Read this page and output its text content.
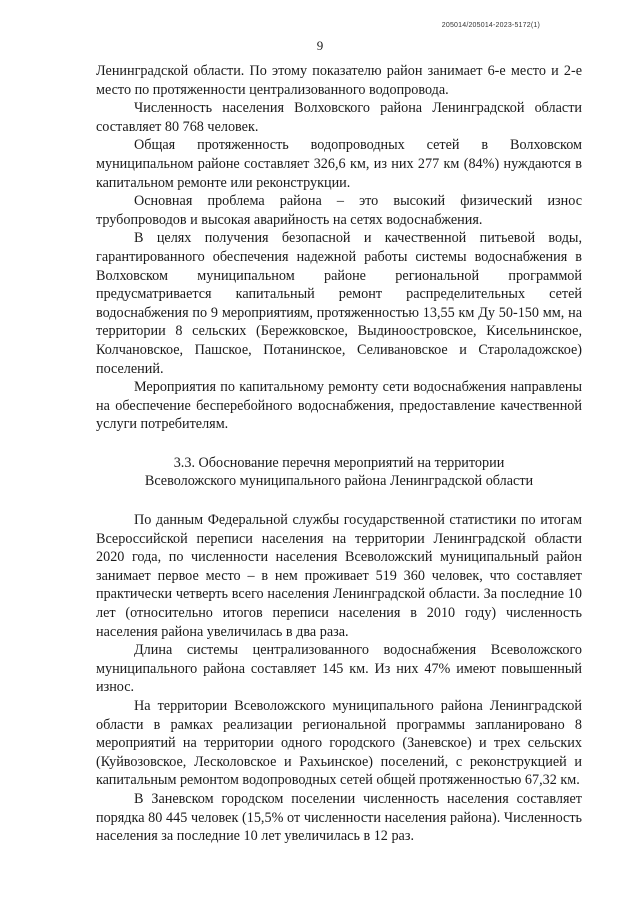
205014/205014-2023-5172(1)
9

Ленинградской области. По этому показателю район занимает 6-е место и 2-е место по протяженности централизованного водопровода.

Численность населения Волховского района Ленинградской области составляет 80 768 человек.

Общая протяженность водопроводных сетей в Волховском муниципальном районе составляет 326,6 км, из них 277 км (84%) нуждаются в капитальном ремонте или реконструкции.

Основная проблема района – это высокий физический износ трубопроводов и высокая аварийность на сетях водоснабжения.

В целях получения безопасной и качественной питьевой воды, гарантированного обеспечения надежной работы системы водоснабжения в Волховском муниципальном районе региональной программой предусматривается капитальный ремонт распределительных сетей водоснабжения по 9 мероприятиям, протяженностью 13,55 км Ду 50-150 мм, на территории 8 сельских (Бережковское, Выдиноостровское, Кисельнинское, Колчановское, Пашское, Потанинское, Селивановское и Староладожское) поселений.

Мероприятия по капитальному ремонту сети водоснабжения направлены на обеспечение бесперебойного водоснабжения, предоставление качественной услуги потребителям.

3.3. Обоснование перечня мероприятий на территории

Всеволожского муниципального района Ленинградской области

По данным Федеральной службы государственной статистики по итогам Всероссийской переписи населения на территории Ленинградской области 2020 года, по численности населения Всеволожский муниципальный район занимает первое место – в нем проживает 519 360 человек, что составляет практически четверть всего населения Ленинградской области. За последние 10 лет (относительно итогов переписи населения в 2010 году) численность населения района увеличилась в два раза.

Длина системы централизованного водоснабжения Всеволожского муниципального района составляет 145 км. Из них 47% имеют повышенный износ.

На территории Всеволожского муниципального района Ленинградской области в рамках реализации региональной программы запланировано 8 мероприятий на территории одного городского (Заневское) и трех сельских (Куйвозовское, Лесколовское и Рахьинское) поселений, с реконструкцией и капитальным ремонтом водопроводных сетей общей протяженностью 67,32 км.

В Заневском городском поселении численность населения составляет порядка 80 445 человек (15,5% от численности населения района). Численность населения за последние 10 лет увеличилась в 12 раз.
